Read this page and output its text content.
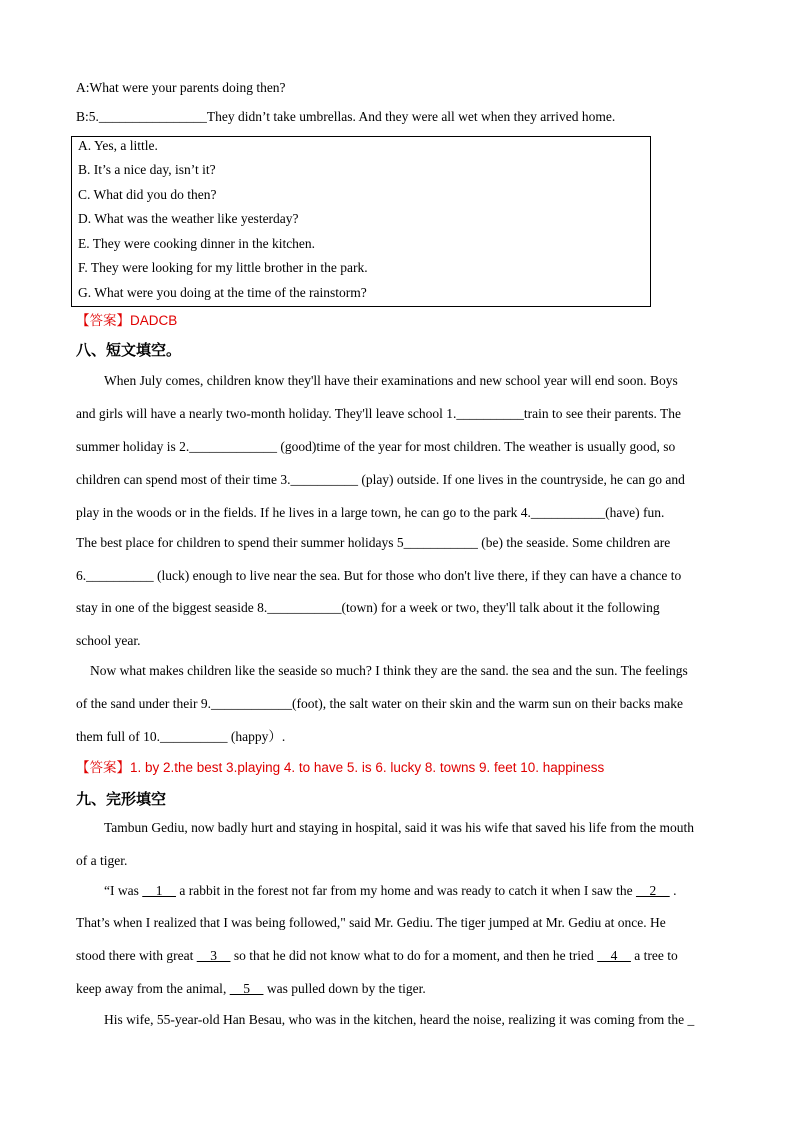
A:What were your parents doing then?
B:5.________________They didn’t take umbrellas. And they were all wet when they arrived home.
A. Yes, a little.
B. It’s a nice day, isn’t it?
C. What did you do then?
D. What was the weather like yesterday?
E. They were cooking dinner in the kitchen.
F. They were looking for my little brother in the park.
G. What were you doing at the time of the rainstorm?
【答案】DADCB
八、短文填空。
When July comes, children know they'll have their examinations and new school year will end soon. Boys
and girls will have a nearly two-month holiday. They'll leave school 1.__________train to see their parents. The
summer holiday is 2._____________ (good)time of the year for most children. The weather is usually good, so
children can spend most of their time 3.__________ (play) outside. If one lives in the countryside, he can go and
play in the woods or in the fields. If he lives in a large town, he can go to the park 4.___________(have) fun.
The best place for children to spend their summer holidays 5___________ (be) the seaside. Some children are
6.__________ (luck) enough to live near the sea. But for those who don't live there, if they can have a chance to
stay in one of the biggest seaside 8.___________(town) for a week or two, they'll talk about it the following
school year.
Now what makes children like the seaside so much? I think they are the sand. the sea and the sun. The feelings
of the sand under their 9.____________(foot), the salt water on their skin and the warm sun on their backs make
them full of 10.__________ (happy）.
【答案】1. by 2.the best 3.playing 4. to have 5. is 6. lucky 8. towns 9. feet 10. happiness
九、完形填空
Tambun Gediu, now badly hurt and staying in hospital, said it was his wife that saved his life from the mouth
of a tiger.
“I was     1     a rabbit in the forest not far from my home and was ready to catch it when I saw the     2     .
That’s when I realized that I was being followed," said Mr. Gediu. The tiger jumped at Mr. Gediu at once. He
stood there with great     3     so that he did not know what to do for a moment, and then he tried     4     a tree to
keep away from the animal,     5     was pulled down by the tiger.
His wife, 55-year-old Han Besau, who was in the kitchen, heard the noise, realizing it was coming from the _
